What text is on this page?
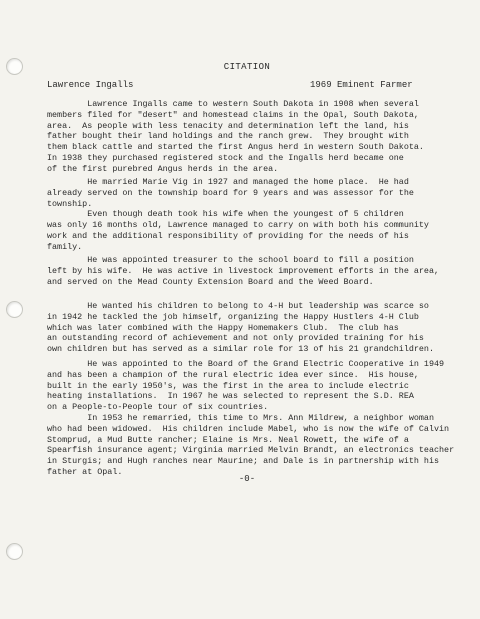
CITATION
Lawrence Ingalls	1969 Eminent Farmer

Lawrence Ingalls came to western South Dakota in 1908 when several
members filed for "desert" and homestead claims in the Opal, South Dakota,
area.  As people with less tenacity and determination left the land, his
father bought their land holdings and the ranch grew.  They brought with
them black cattle and started the first Angus herd in western South Dakota.
In 1938 they purchased registered stock and the Ingalls herd became one
of the first purebred Angus herds in the area.

He married Marie Vig in 1927 and managed the home place.  He had
already served on the township board for 9 years and was assessor for the
township.
Even though death took his wife when the youngest of 5 children
was only 16 months old, Lawrence managed to carry on with both his community
work and the additional responsibility of providing for the needs of his
family.

He was appointed treasurer to the school board to fill a position
left by his wife.  He was active in livestock improvement efforts in the area,
and served on the Mead County Extension Board and the Weed Board.

He wanted his children to belong to 4-H but leadership was scarce so
in 1942 he tackled the job himself, organizing the Happy Hustlers 4-H Club
which was later combined with the Happy Homemakers Club.  The club has
an outstanding record of achievement and not only provided training for his
own children but has served as a similar role for 13 of his 21 grandchildren.

He was appointed to the Board of the Grand Electric Cooperative in 1949
and has been a champion of the rural electric idea ever since.  His house,
built in the early 1950's, was the first in the area to include electric
heating installations.  In 1967 he was selected to represent the S.D. REA
on a People-to-People tour of six countries.

In 1953 he remarried, this time to Mrs. Ann Mildrew, a neighbor woman
who had been widowed.  His children include Mabel, who is now the wife of Calvin
Stomprud, a Mud Butte rancher; Elaine is Mrs. Neal Rowett, the wife of a
Spearfish insurance agent; Virginia married Melvin Brandt, an electronics teacher
in Sturgis; and Hugh ranches near Maurine; and Dale is in partnership with his
father at Opal.

-0-
